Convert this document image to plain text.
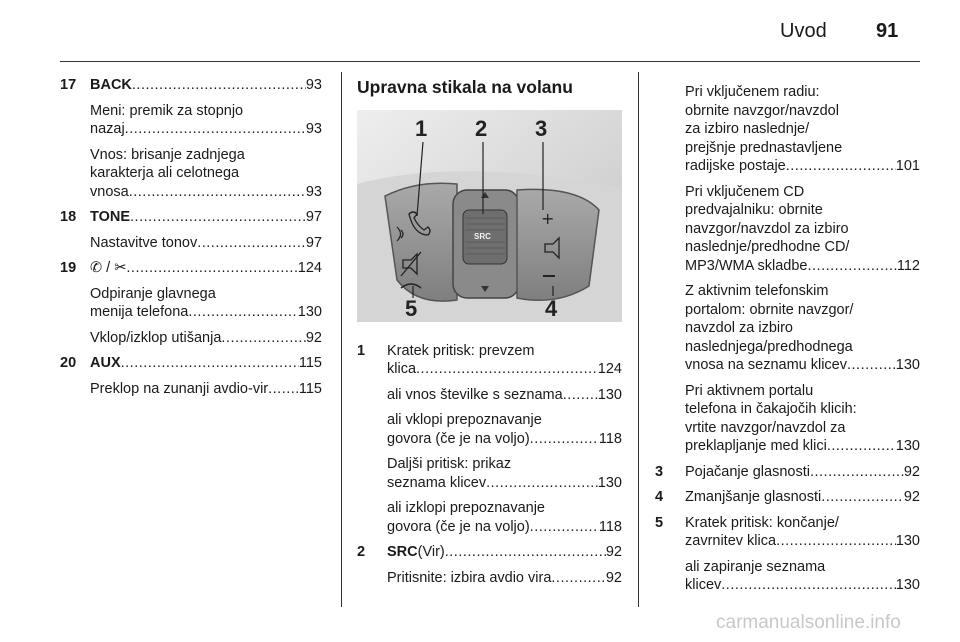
Uvod 91
17 BACK .....	93
Meni: premik za stopnjo
nazaj .....	93
Vnos: brisanje zadnjega
karakterja ali celotnega
vnosa .....	93
18 TONE .....	97
Nastavitve tonov .....	97
19 ✆ / ✂ .....	124
Odpiranje glavnega
menija telefona .....	130
Vklop/izklop utišanja .....	92
20 AUX .....	115
Preklop na zunanji avdio-vir ..... 115
Upravna stikala na volanu
SRC
+
1 2 3
4
5
1	Kratek pritisk: prevzem
klica .....	124
ali vnos številke s seznama ..... 130
ali vklopi prepoznavanje
govora (če je na voljo) .....	118
Daljši pritisk: prikaz
seznama klicev .....	130
ali izklopi prepoznavanje
govora (če je na voljo) .....	118
2	SRC (Vir) .....	92
Pritisnite: izbira avdio vira .....	92
Pri vključenem radiu:
obrnite navzgor/navzdol
za izbiro naslednje/
prejšnje prednastavljene
radijske postaje .....	101
Pri vključenem CD
predvajalniku: obrnite
navzgor/navzdol za izbiro
naslednje/predhodne CD/
MP3/WMA skladbe .....	112
Z aktivnim telefonskim
portalom: obrnite navzgor/
navzdol za izbiro
naslednjega/predhodnega
vnosa na seznamu klicev .....	130
Pri aktivnem portalu
telefona in čakajočih klicih:
vrtite navzgor/navzdol za
preklapljanje med klici .....	130
3	Pojačanje glasnosti .....	92
4	Zmanjšanje glasnosti .....	92
5	Kratek pritisk: končanje/
zavrnitev klica .....	130
ali zapiranje seznama
klicev .....	130
carmanualsonline.info
